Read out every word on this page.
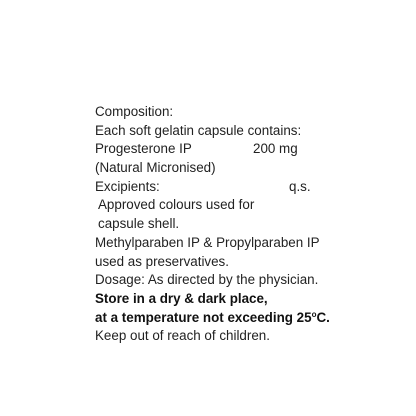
Composition:
Each soft gelatin capsule contains:
Progesterone IP	200 mg
(Natural Micronised)
Excipients:	q.s.
Approved colours used for
capsule shell.
Methylparaben IP & Propylparaben IP
used as preservatives.
Dosage: As directed by the physician.
Store in a dry & dark place,
at a temperature not exceeding 25$^o$C.
Keep out of reach of children.
